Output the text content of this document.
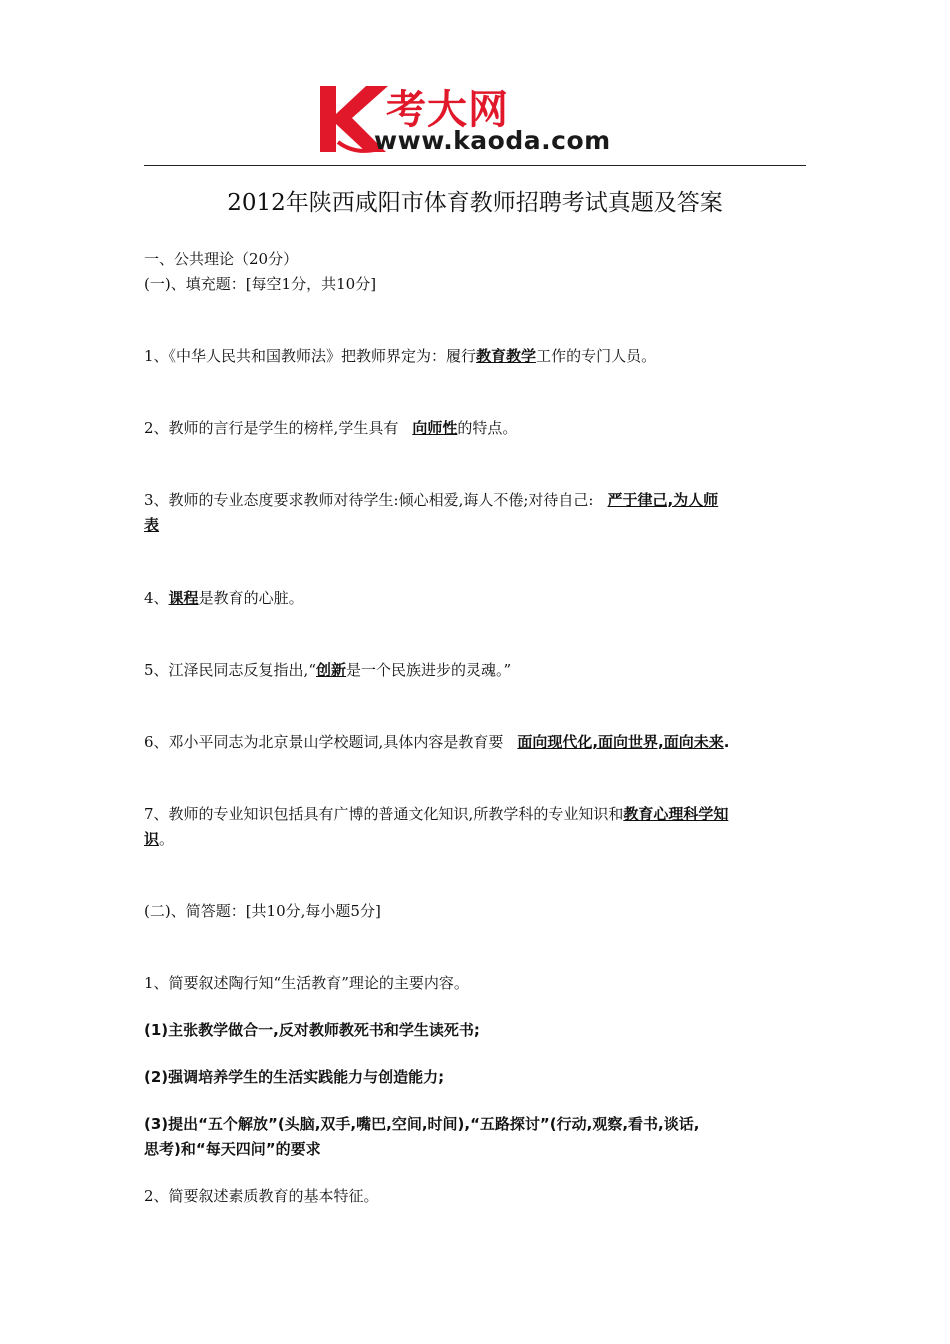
考大网
www.kaoda.com
2012年陕西咸阳市体育教师招聘考试真题及答案
一、公共理论（20分）
(一)、填充题：[每空1分，共10分]
1、《中华人民共和国教师法》把教师界定为：履行教育教学工作的专门人员。
2、教师的言行是学生的榜样,学生具有 向师性的特点。
3、教师的专业态度要求教师对待学生:倾心相爱,诲人不倦;对待自己: 严于律己,为人师
表
4、课程是教育的心脏。
5、江泽民同志反复指出,“创新是一个民族进步的灵魂。”
6、邓小平同志为北京景山学校题词,具体内容是教育要 面向现代化,面向世界,面向未来.
7、教师的专业知识包括具有广博的普通文化知识,所教学科的专业知识和教育心理科学知
识。
(二)、简答题：[共10分,每小题5分]
1、简要叙述陶行知“生活教育”理论的主要内容。
(1)主张教学做合一,反对教师教死书和学生读死书;
(2)强调培养学生的生活实践能力与创造能力;
(3)提出“五个解放”(头脑,双手,嘴巴,空间,时间),“五路探讨”(行动,观察,看书,谈话,
思考)和“每天四问”的要求
2、简要叙述素质教育的基本特征。
